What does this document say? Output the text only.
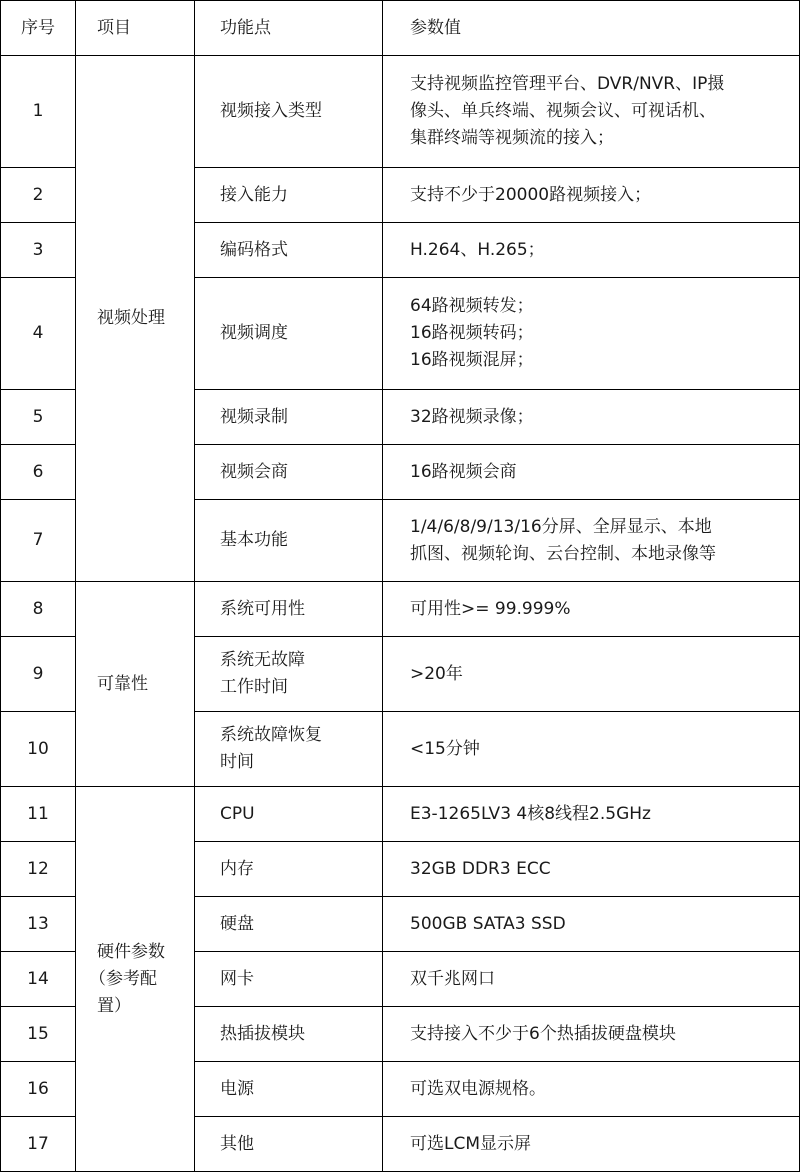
序号	项目	功能点	参数值
1	视频处理	视频接入类型	支持视频监控管理平台、DVR/NVR、IP摄
像头、单兵终端、视频会议、可视话机、
集群终端等视频流的接入；

2		接入能力	支持不少于20000路视频接入；

3		编码格式	H.264、H.265；

4		视频调度	64路视频转发；
16路视频转码；
16路视频混屏；

5		视频录制	32路视频录像；

6		视频会商	16路视频会商

7		基本功能	1/4/6/8/9/13/16分屏、全屏显示、本地
抓图、视频轮询、云台控制、本地录像等

8	可靠性	系统可用性	可用性>= 99.999%

9		系统无故障
工作时间	>20年

10		系统故障恢复
时间	<15分钟

11	硬件参数
（参考配
置）	CPU	E3-1265LV3 4核8线程2.5GHz

12		内存	32GB DDR3 ECC

13		硬盘	500GB SATA3 SSD

14		网卡	双千兆网口

15		热插拔模块	支持接入不少于6个热插拔硬盘模块

16		电源	可选双电源规格。

17		其他	可选LCM显示屏
